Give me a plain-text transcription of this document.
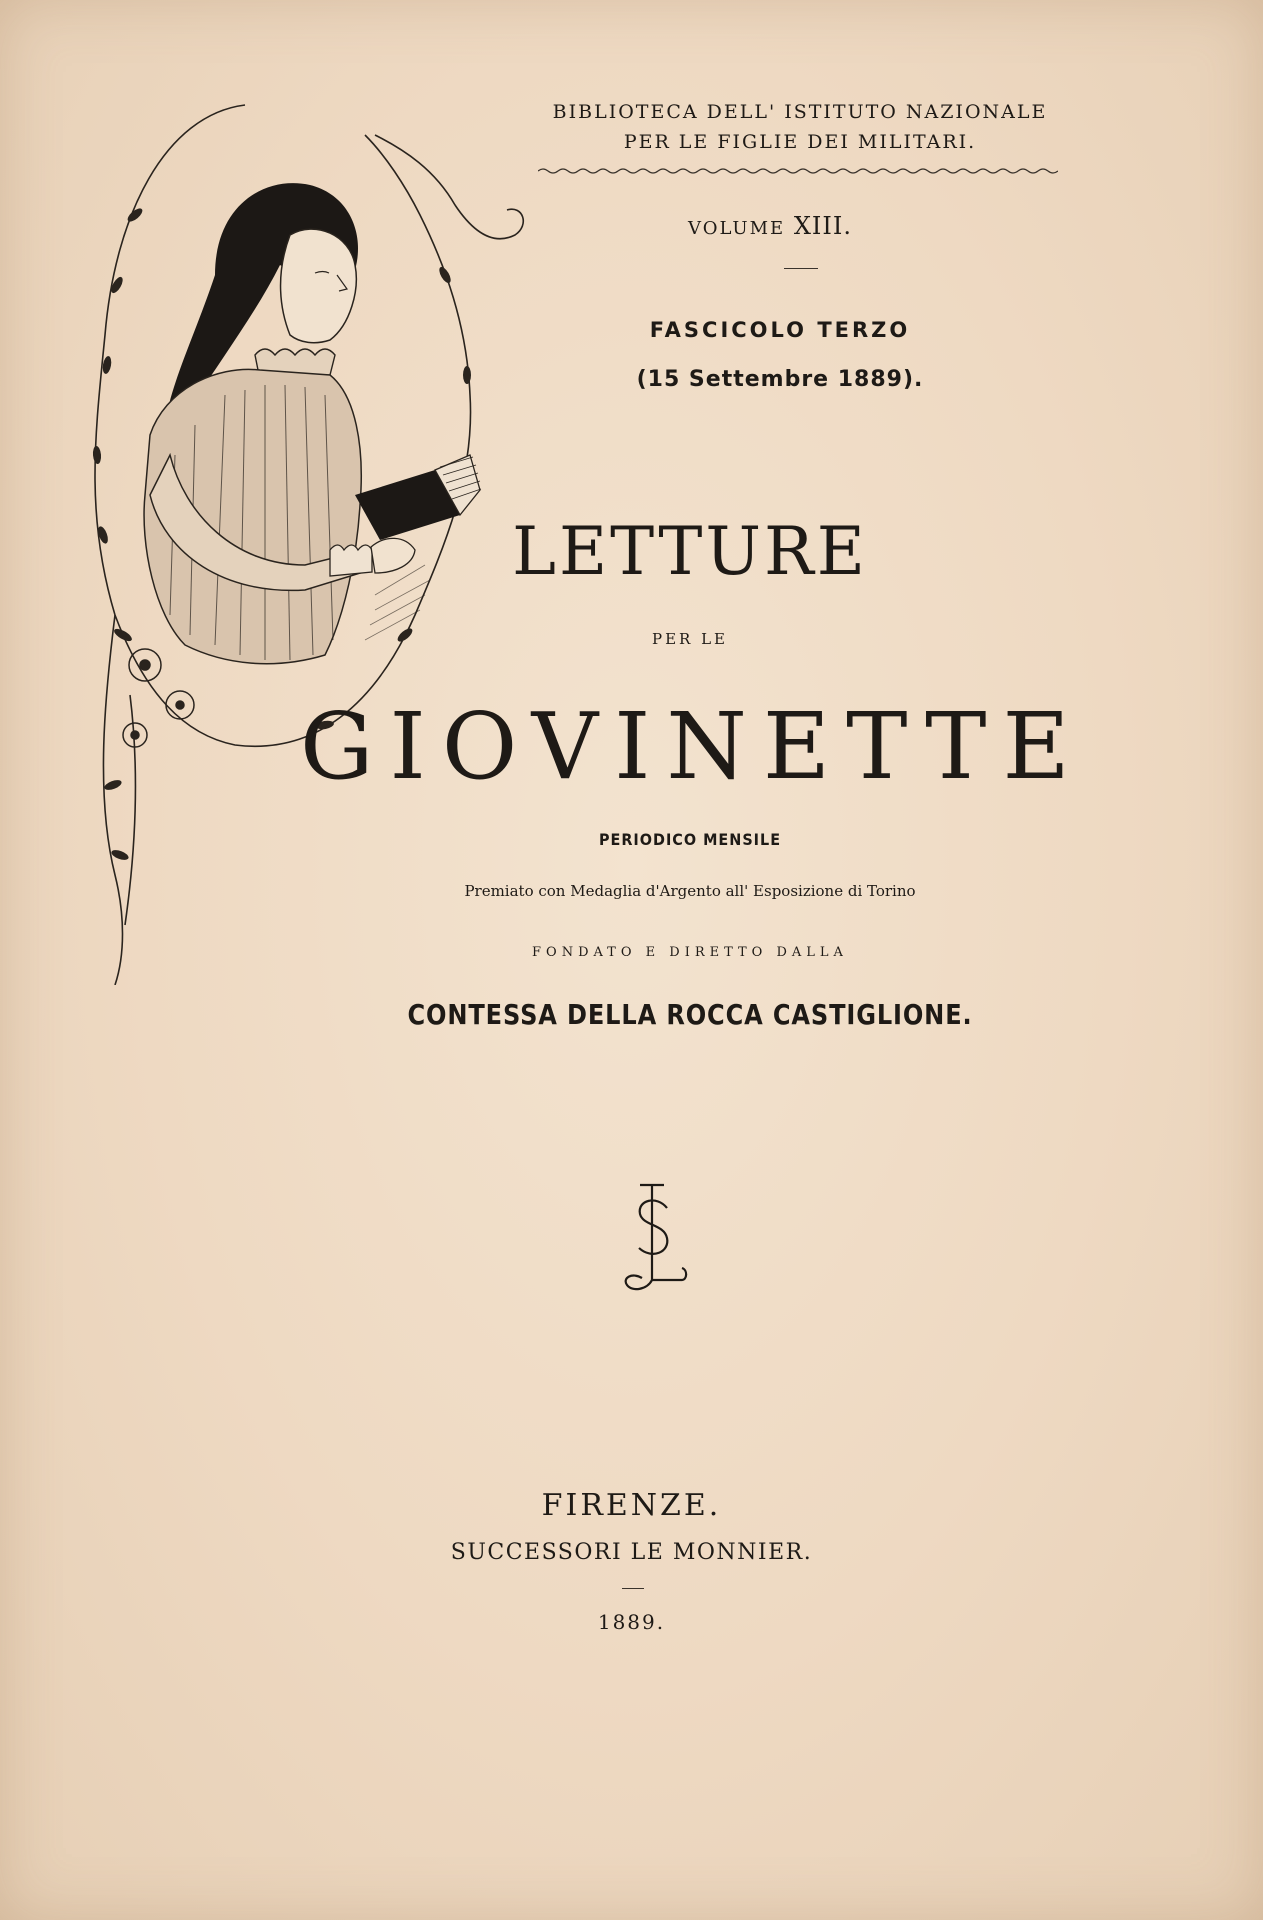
BIBLIOTECA DELL' ISTITUTO NAZIONALE
PER LE FIGLIE DEI MILITARI.
VOLUME XIII.
FASCICOLO TERZO
(15 Settembre 1889).
LETTURE
PER LE
GIOVINETTE
PERIODICO MENSILE
Premiato con Medaglia d'Argento all' Esposizione di Torino
FONDATO E DIRETTO DALLA
CONTESSA DELLA ROCCA CASTIGLIONE.
FIRENZE.
SUCCESSORI LE MONNIER.
1889.
